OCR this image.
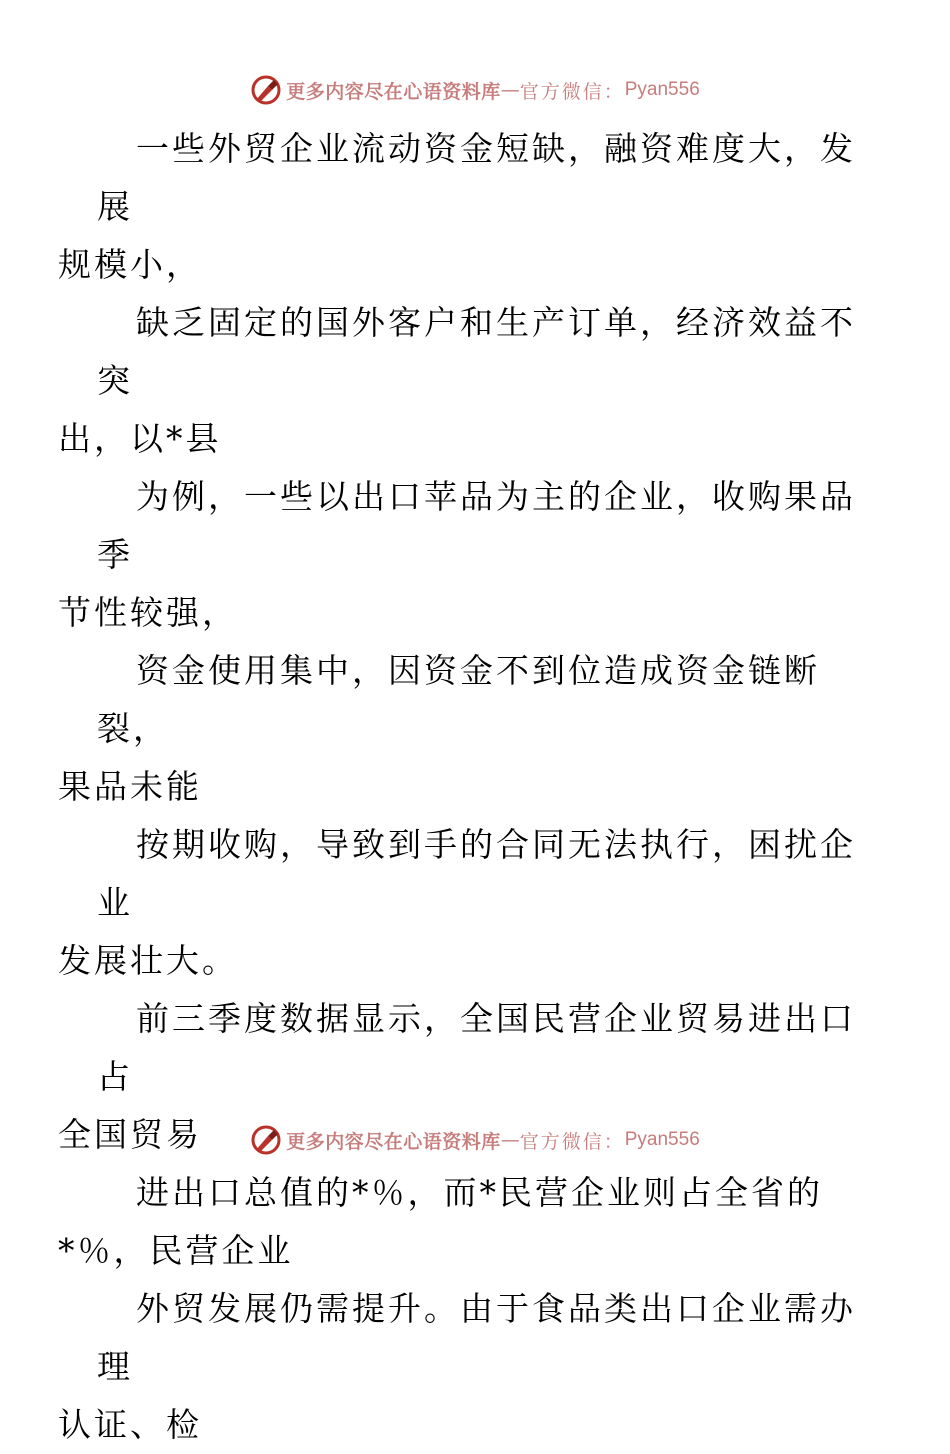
更多内容尽在心语资料库 — 官方微信： Pyan556

一些外贸企业流动资金短缺，融资难度大，发展
规模小，

缺乏固定的国外客户和生产订单，经济效益不突
出，以*县

为例，一些以出口苹品为主的企业，收购果品季
节性较强，

资金使用集中，因资金不到位造成资金链断裂，
果品未能

按期收购，导致到手的合同无法执行，困扰企业
发展壮大。

前三季度数据显示，全国民营企业贸易进出口占
全国贸易

进出口总值的*％，而*民营企业则占全省的
*％，民营企业

外贸发展仍需提升。由于食品类出口企业需办理
认证、检

更多内容尽在心语资料库 — 官方微信： Pyan556
